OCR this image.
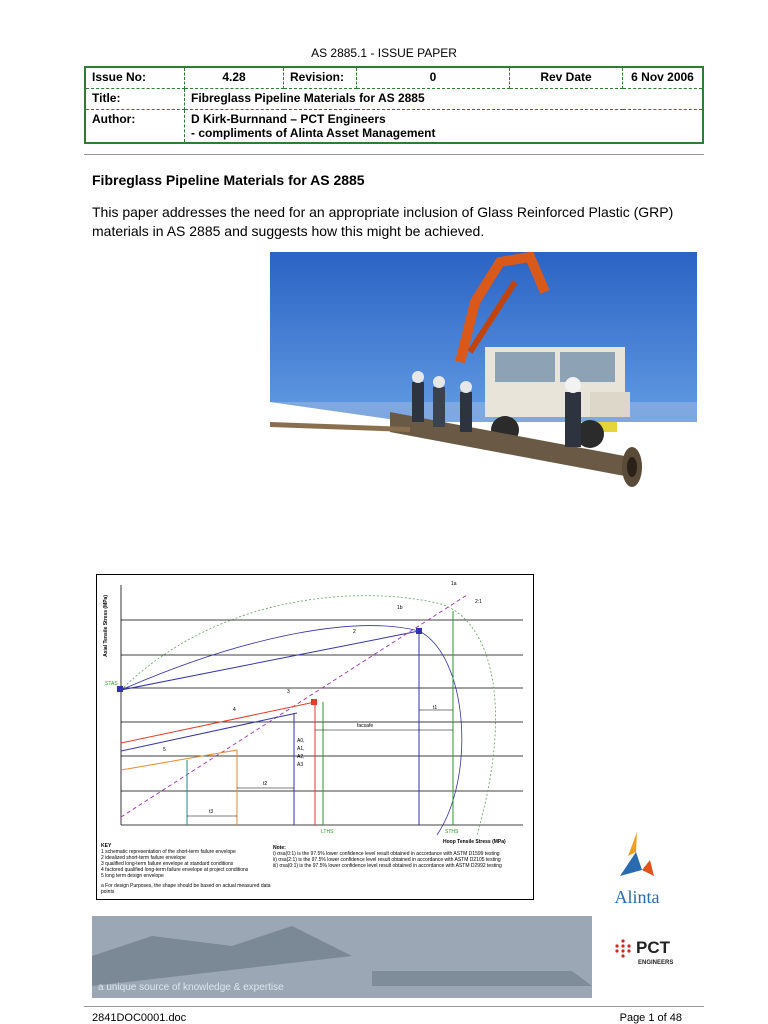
AS 2885.1 - ISSUE PAPER
Issue No:	4.28	Revision:	0	Rev Date	6 Nov 2006
Title:	Fibreglass Pipeline Materials for AS 2885				
Author:	D Kirk-Burnnand – PCT Engineers
- compliments of Alinta Asset Management				
Fibreglass Pipeline Materials for AS 2885
This paper addresses the need for an appropriate inclusion of Glass Reinforced Plastic (GRP) materials in AS 2885 and suggests how this might be achieved.
Axial Tensile Stress (MPa)
Hoop Tensile Stress (MPa)
STAS
LTHS	STHS
1a
1b
2
3
4
5
2:1
facsafe
t1
t2
t3
A0,
A1,
A2,
A3
KEY
1 schematic representation of the short-term failure envelope
2 idealized short-term failure envelope
3 qualified long-term failure envelope at standard conditions
4 factored qualified long-term failure envelope at project conditions
5 long term design envelope
a For design Purposes, the shape should be based on actual measured data points
Note:
i) σsa(0:1) is the 97.5% lower confidence level result obtained in accordance with ASTM D1599 testing
ii) σsa(2:1) is the 97.5% lower confidence level result obtained in accordance with ASTM D2105 testing
iii) σsa(0:1) is the 97.5% lower confidence level result obtained in accordance with ASTM D2992 testing
Alinta
a unique source of knowledge & expertise
PCT
ENGINEERS
2841DOC0001.doc	Page 1 of 48
